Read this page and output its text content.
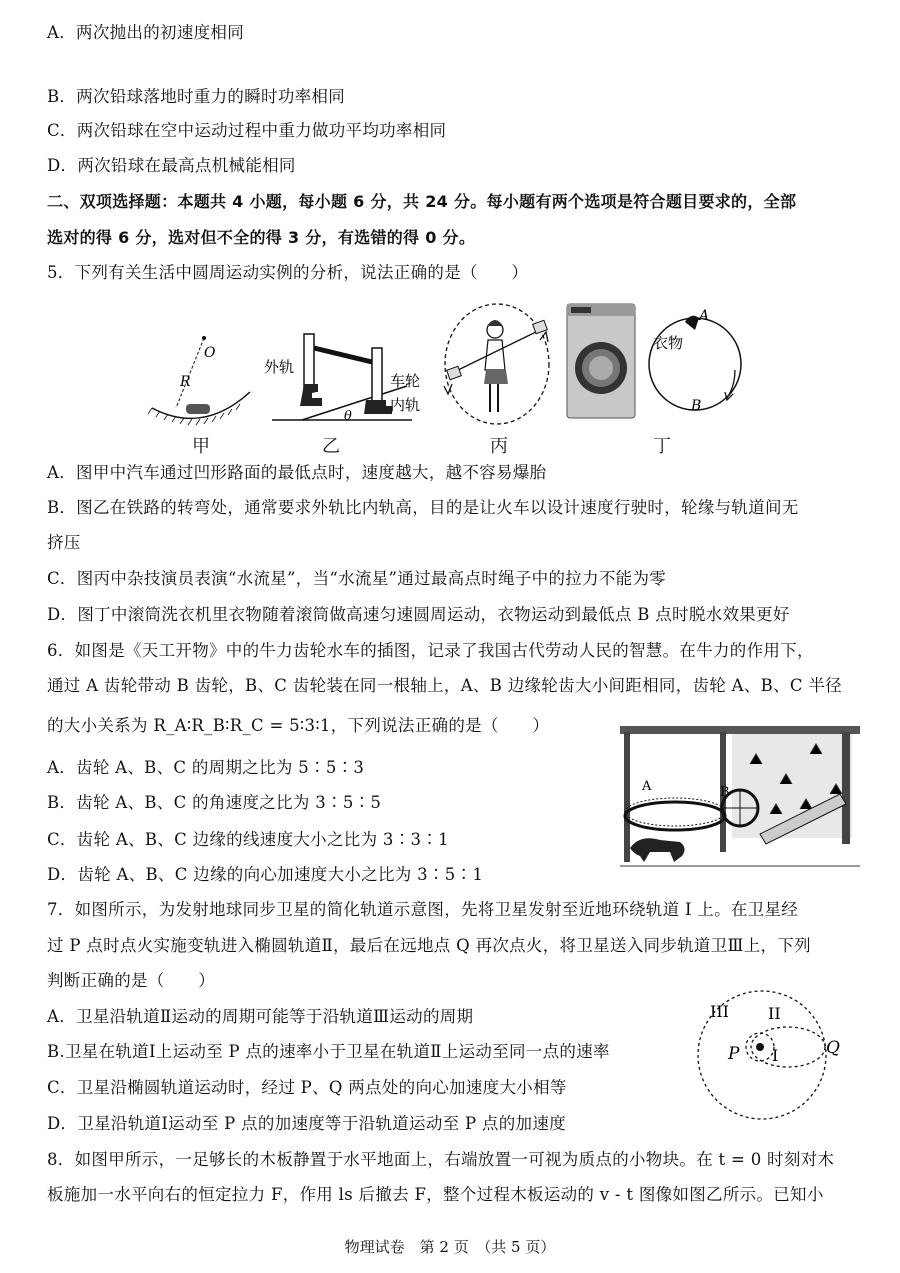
A．两次抛出的初速度相同
B．两次铅球落地时重力的瞬时功率相同
C．两次铅球在空中运动过程中重力做功平均功率相同
D．两次铅球在最高点机械能相同
二、双项选择题：本题共 4 小题，每小题 6 分，共 24 分。每小题有两个选项是符合题目要求的，全部
选对的得 6 分，选对但不全的得 3 分，有选错的得 0 分。
5．下列有关生活中圆周运动实例的分析，说法正确的是（　　）
O
R
甲
外轨
车轮
内轨
θ
乙	丙
A
衣物
B
丁
A．图甲中汽车通过凹形路面的最低点时，速度越大，越不容易爆胎
B．图乙在铁路的转弯处，通常要求外轨比内轨高，目的是让火车以设计速度行驶时，轮缘与轨道间无
挤压
C．图丙中杂技演员表演“水流星”，当“水流星”通过最高点时绳子中的拉力不能为零
D．图丁中滚筒洗衣机里衣物随着滚筒做高速匀速圆周运动，衣物运动到最低点 B 点时脱水效果更好
6．如图是《天工开物》中的牛力齿轮水车的插图，记录了我国古代劳动人民的智慧。在牛力的作用下，
通过 A 齿轮带动 B 齿轮，B、C 齿轮装在同一根轴上，A、B 边缘轮齿大小间距相同，齿轮 A、B、C 半径
的大小关系为 R_A∶R_B∶R_C = 5∶3∶1，下列说法正确的是（　　）
A	B
A．齿轮 A、B、C 的周期之比为 5∶5∶3
B．齿轮 A、B、C 的角速度之比为 3∶5∶5
C．齿轮 A、B、C 边缘的线速度大小之比为 3∶3∶1
D．齿轮 A、B、C 边缘的向心加速度大小之比为 3∶5∶1
7．如图所示，为发射地球同步卫星的简化轨道示意图，先将卫星发射至近地环绕轨道 I 上。在卫星经
过 P 点时点火实施变轨进入椭圆轨道Ⅱ，最后在远地点 Q 再次点火，将卫星送入同步轨道卫Ⅲ上，下列
判断正确的是（　　）
III II
I
P	Q
A．卫星沿轨道Ⅱ运动的周期可能等于沿轨道Ⅲ运动的周期
B.卫星在轨道Ⅰ上运动至 P 点的速率小于卫星在轨道Ⅱ上运动至同一点的速率
C．卫星沿椭圆轨道运动时，经过 P、Q 两点处的向心加速度大小相等
D．卫星沿轨道Ⅰ运动至 P 点的加速度等于沿轨道运动至 P 点的加速度
8．如图甲所示，一足够长的木板静置于水平地面上，右端放置一可视为质点的小物块。在 t = 0 时刻对木
板施加一水平向右的恒定拉力 F，作用 ls 后撤去 F，整个过程木板运动的 v - t 图像如图乙所示。已知小
物理试卷　第 2 页　（共 5 页）
